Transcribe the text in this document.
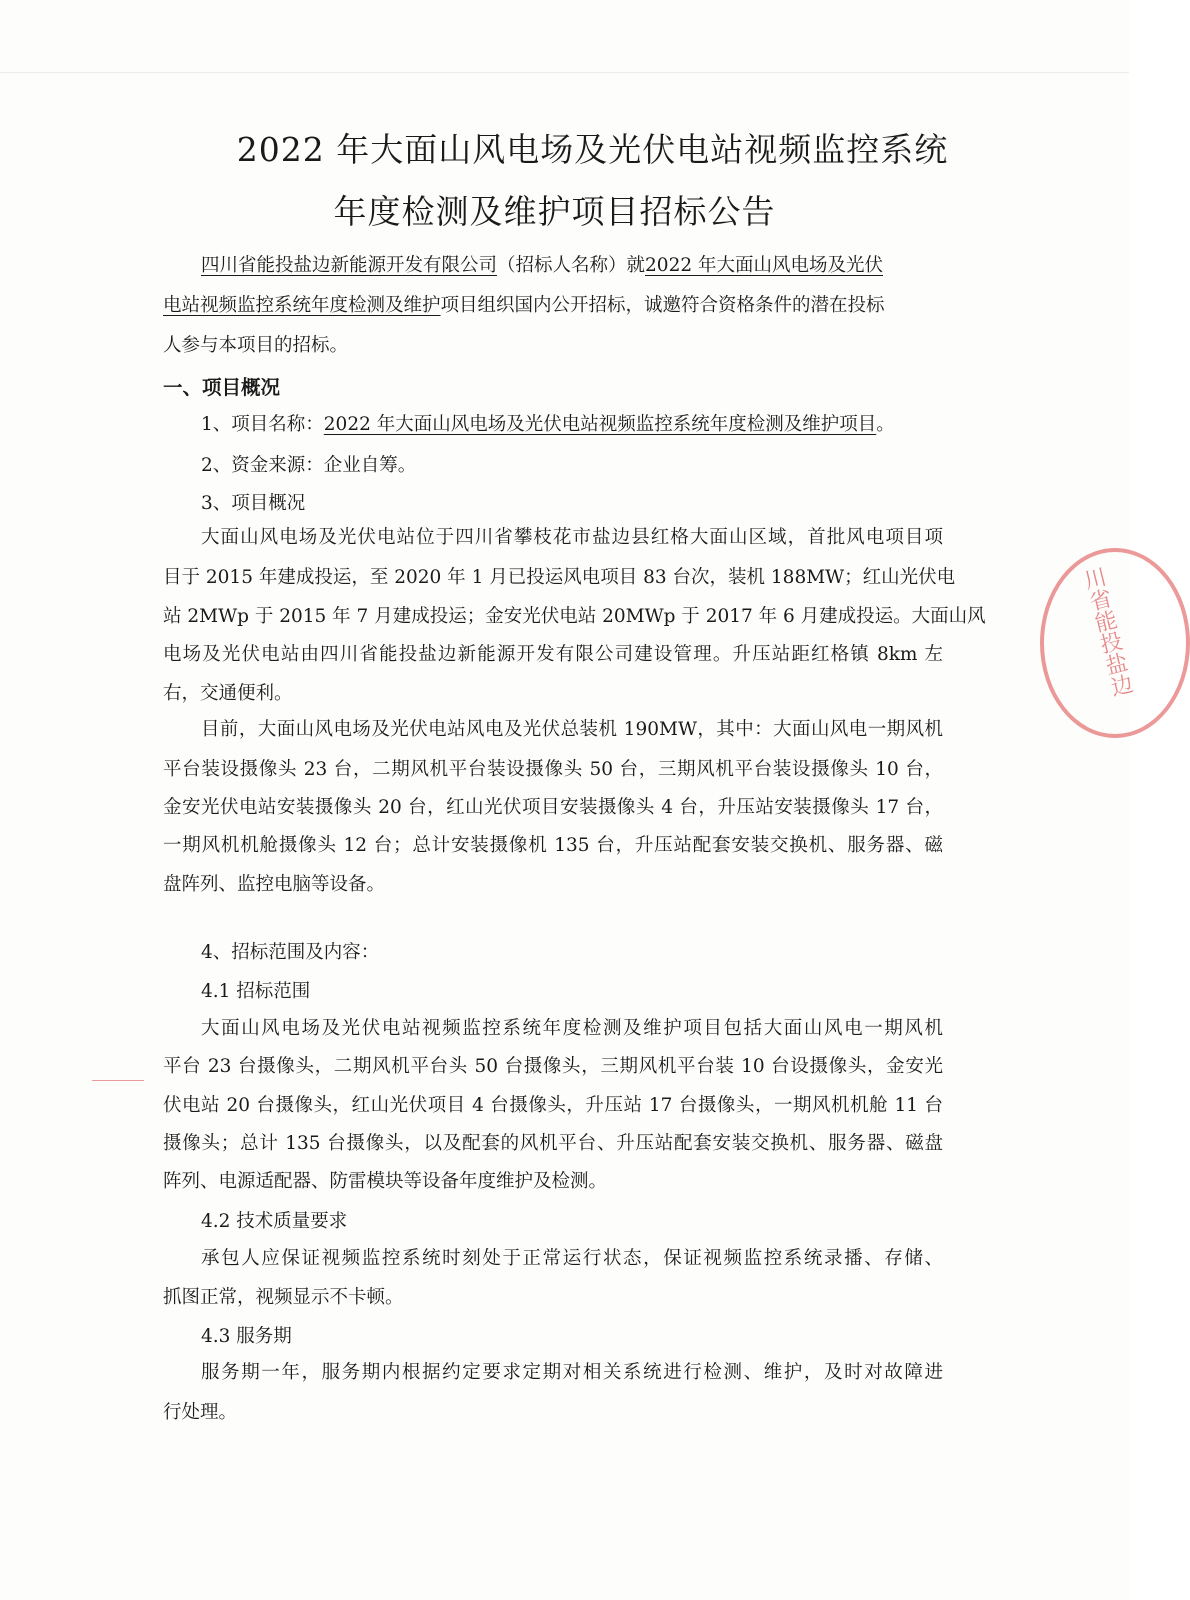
2022 年大面山风电场及光伏电站视频监控系统
年度检测及维护项目招标公告
四川省能投盐边新能源开发有限公司（招标人名称）就2022 年大面山风电场及光伏
电站视频监控系统年度检测及维护项目组织国内公开招标，诚邀符合资格条件的潜在投标
人参与本项目的招标。
一、项目概况
1、项目名称：2022 年大面山风电场及光伏电站视频监控系统年度检测及维护项目。
2、资金来源：企业自筹。
3、项目概况
大面山风电场及光伏电站位于四川省攀枝花市盐边县红格大面山区域，首批风电项目项
目于 2015 年建成投运，至 2020 年 1 月已投运风电项目 83 台次，装机 188MW；红山光伏电
站 2MWp 于 2015 年 7 月建成投运；金安光伏电站 20MWp 于 2017 年 6 月建成投运。大面山风
电场及光伏电站由四川省能投盐边新能源开发有限公司建设管理。升压站距红格镇 8km 左
右，交通便利。
目前，大面山风电场及光伏电站风电及光伏总装机 190MW，其中：大面山风电一期风机
平台装设摄像头 23 台，二期风机平台装设摄像头 50 台，三期风机平台装设摄像头 10 台，
金安光伏电站安装摄像头 20 台，红山光伏项目安装摄像头 4 台，升压站安装摄像头 17 台，
一期风机机舱摄像头 12 台；总计安装摄像机 135 台，升压站配套安装交换机、服务器、磁
盘阵列、监控电脑等设备。
4、招标范围及内容：
4.1 招标范围
大面山风电场及光伏电站视频监控系统年度检测及维护项目包括大面山风电一期风机
平台 23 台摄像头，二期风机平台头 50 台摄像头，三期风机平台装 10 台设摄像头，金安光
伏电站 20 台摄像头，红山光伏项目 4 台摄像头，升压站 17 台摄像头，一期风机机舱 11 台
摄像头；总计 135 台摄像头，以及配套的风机平台、升压站配套安装交换机、服务器、磁盘
阵列、电源适配器、防雷模块等设备年度维护及检测。
4.2 技术质量要求
承包人应保证视频监控系统时刻处于正常运行状态，保证视频监控系统录播、存储、
抓图正常，视频显示不卡顿。
4.3 服务期
服务期一年，服务期内根据约定要求定期对相关系统进行检测、维护，及时对故障进
行处理。
川省能投盐边
